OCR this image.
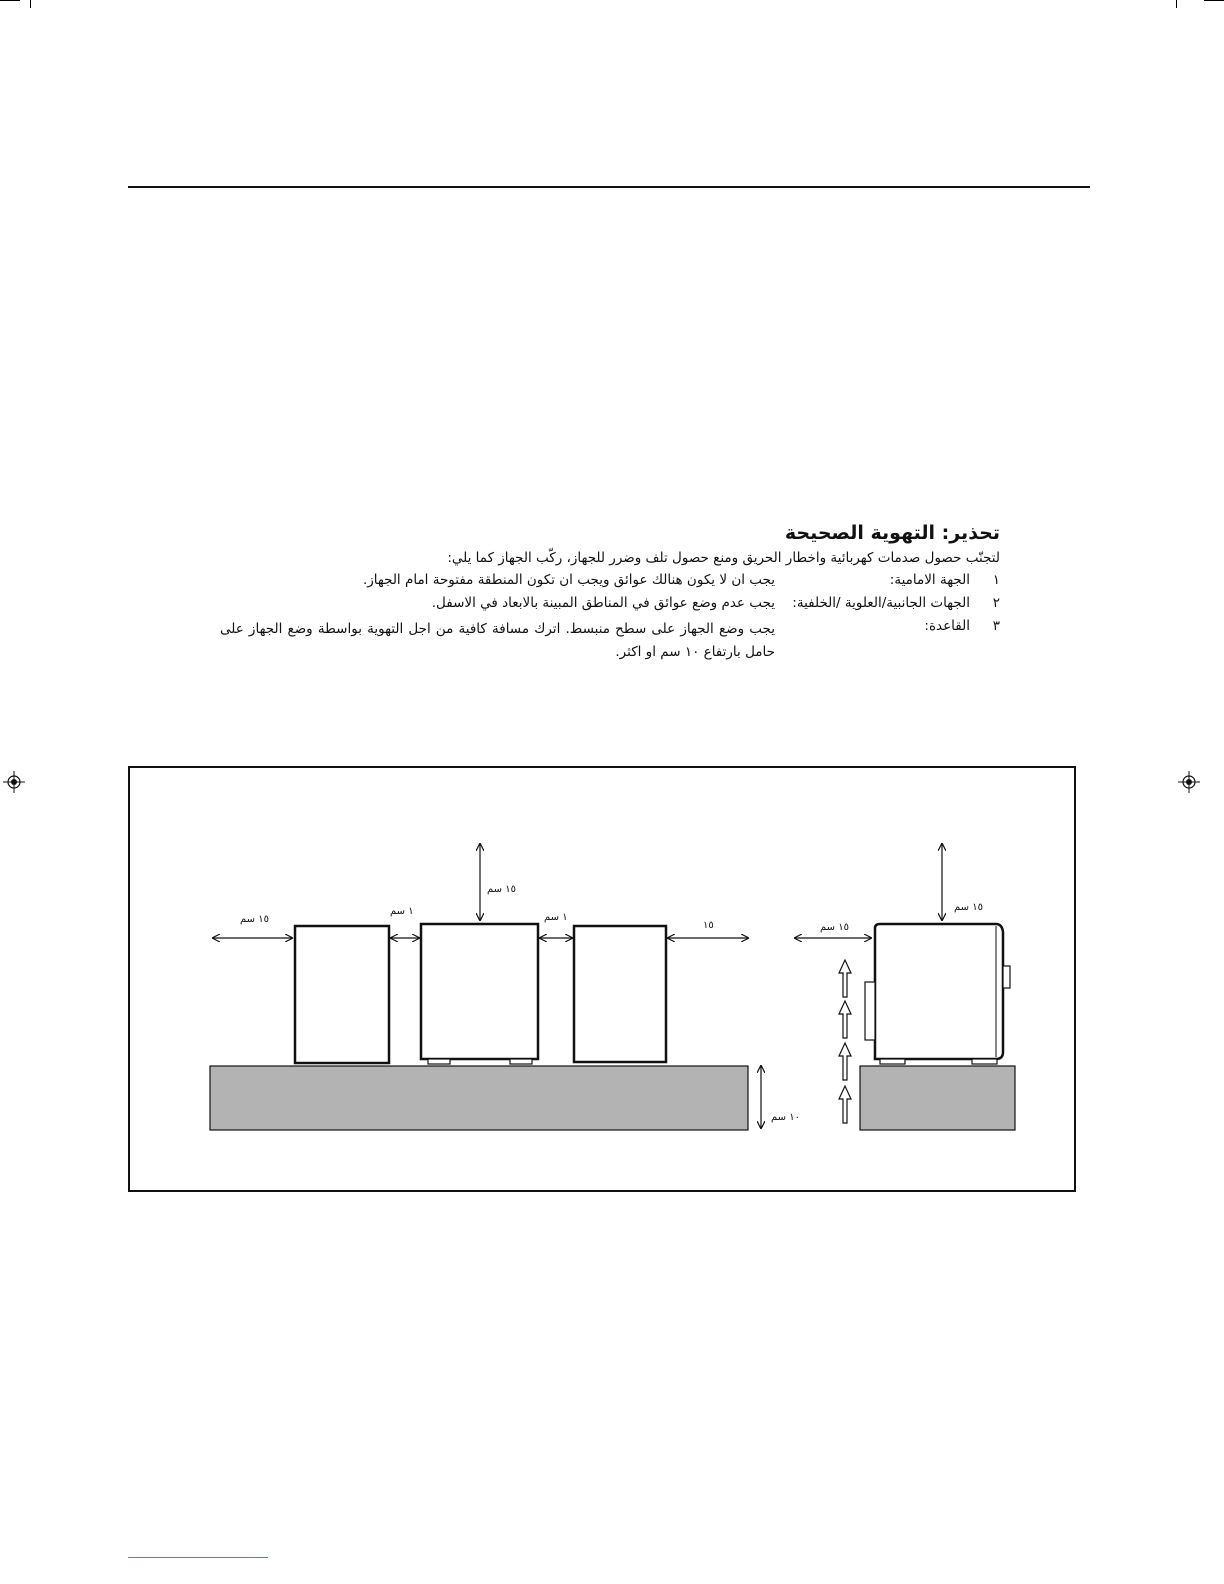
تحذير: التهوية الصحيحة

لتجنّب حصول صدمات كهربائية واخطار الحريق ومنع حصول تلف وضرر للجهاز، ركّب الجهاز كما يلي:

١
الجهة الامامية:
يجب ان لا يكون هنالك عوائق ويجب ان تكون المنطقة مفتوحة امام الجهاز.
٢
الجهات الجانبية/العلوية /الخلفية:
يجب عدم وضع عوائق في المناطق المبينة بالابعاد في الاسفل.
٣
القاعدة:
يجب وضع الجهاز على سطح منبسط. اترك مسافة كافية من اجل التهوية بواسطة وضع الجهاز على حامل بارتفاع ١٠ سم او اكثر.
١٥ سم
١ سم
١٥ سم
١ سم
١٥
١٠ سم
١٥ سم
١٥ سم
